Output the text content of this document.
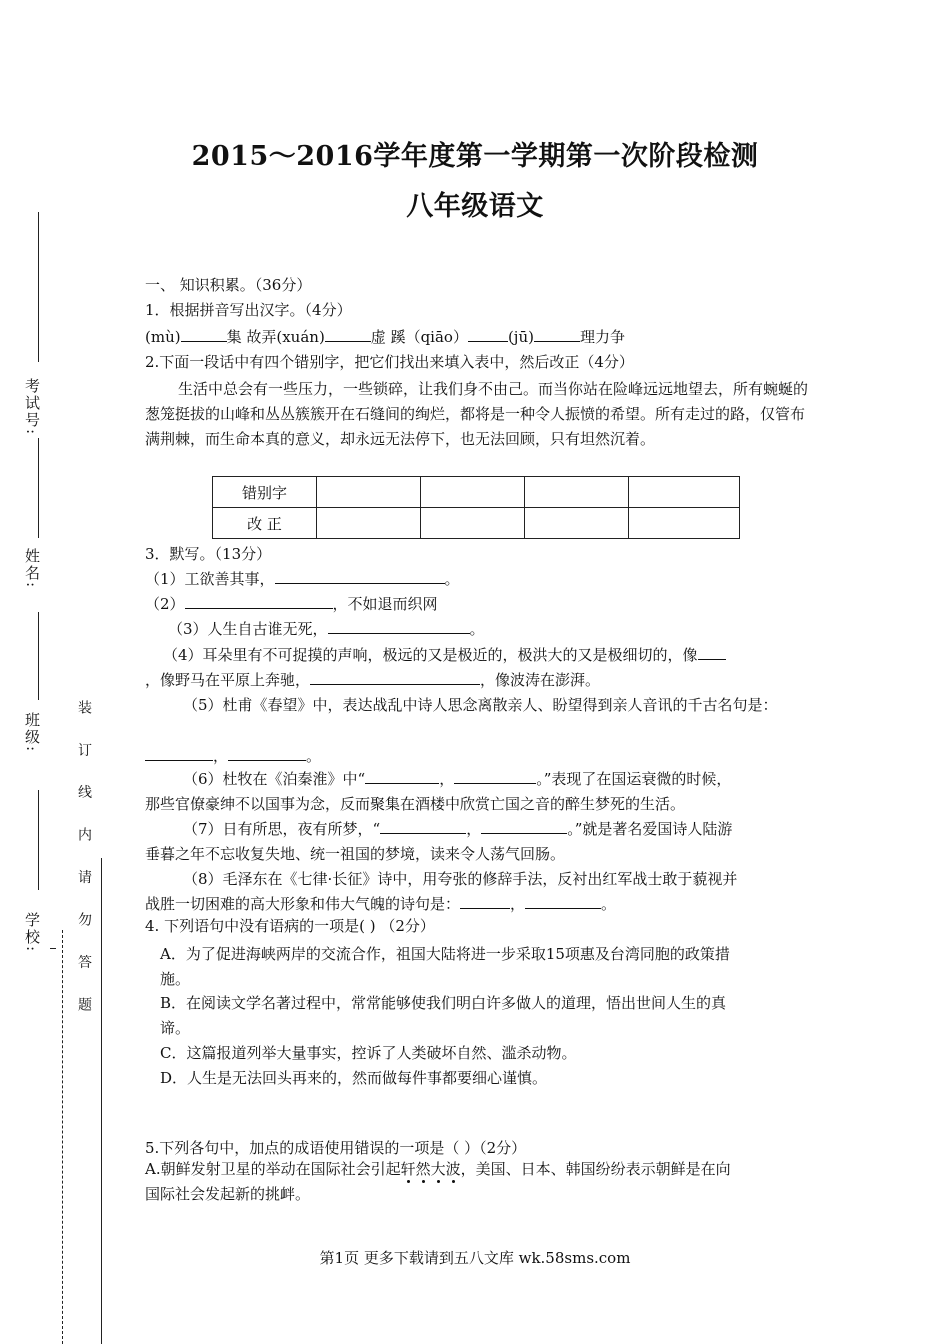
考试号:
姓名:
班级:
学校:	装 订 线 内 请 勿 答 题
2015～2016学年度第一学期第一次阶段检测
八年级语文
一、 知识积累。（36分）
1．根据拼音写出汉字。（4分）
(mù)	集 故弄(xuán)	虚 蹊（qiāo）	(jū)	理力争
2.下面一段话中有四个错别字，把它们找出来填入表中，然后改正（4分）
生活中总会有一些压力，一些锁碎，让我们身不由己。而当你站在险峰远远地望去，所有蜿蜒的葱笼挺拔的山峰和丛丛簇簇开在石缝间的绚烂，都将是一种令人振愤的希望。所有走过的路，仅管布满荆棘，而生命本真的意义，却永远无法停下，也无法回顾，只有坦然沉着。
错别字				
改 正				
3．默写。（13分）
（1）工欲善其事，	。
（2）	，不如退而织网
（3）人生自古谁无死，	。
（4）耳朵里有不可捉摸的声响，极远的又是极近的，极洪大的又是极细切的，像
，像野马在平原上奔驰，	，像波涛在澎湃。
（5）杜甫《春望》中，表达战乱中诗人思念离散亲人、盼望得到亲人音讯的千古名句是：
，	。
（6）杜牧在《泊秦淮》中“	，	。”表现了在国运衰微的时候，
那些官僚豪绅不以国事为念，反而聚集在酒楼中欣赏亡国之音的醉生梦死的生活。
（7）日有所思，夜有所梦，“	，	。”就是著名爱国诗人陆游
垂暮之年不忘收复失地、统一祖国的梦境，读来令人荡气回肠。
（8）毛泽东在《七律·长征》诗中，用夸张的修辞手法，反衬出红军战士敢于藐视并
战胜一切困难的高大形象和伟大气魄的诗句是：	，	。
4. 下列语句中没有语病的一项是( ) （2分）
A．为了促进海峡两岸的交流合作，祖国大陆将进一步采取15项惠及台湾同胞的政策措
施。
B．在阅读文学名著过程中，常常能够使我们明白许多做人的道理，悟出世间人生的真
谛。
C．这篇报道列举大量事实，控诉了人类破坏自然、滥杀动物。
D．人生是无法回头再来的，然而做每件事都要细心谨慎。
5.下列各句中，加点的成语使用错误的一项是（ ）（2分）
A.朝鲜发射卫星的举动在国际社会引起轩然大波，美国、日本、韩国纷纷表示朝鲜是在向
国际社会发起新的挑衅。
第1页 更多下载请到五八文库 wk.58sms.com
